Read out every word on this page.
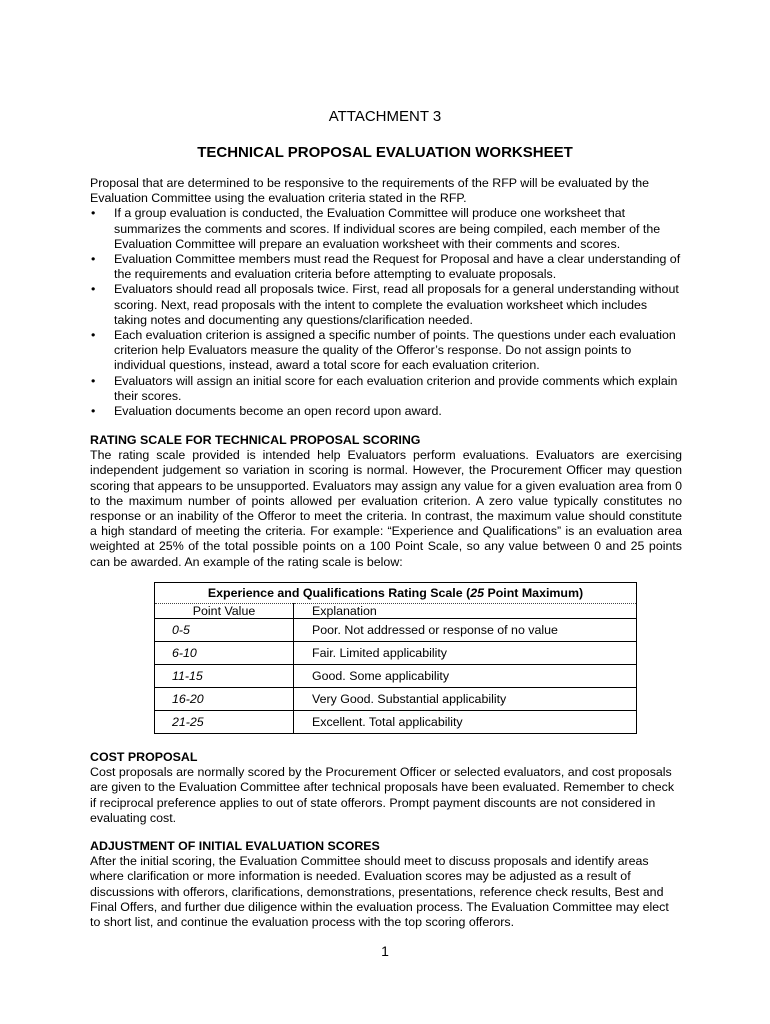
ATTACHMENT 3
TECHNICAL PROPOSAL EVALUATION WORKSHEET
Proposal that are determined to be responsive to the requirements of the RFP will be evaluated by the Evaluation Committee using the evaluation criteria stated in the RFP.
• If a group evaluation is conducted, the Evaluation Committee will produce one worksheet that summarizes the comments and scores. If individual scores are being compiled, each member of the Evaluation Committee will prepare an evaluation worksheet with their comments and scores.
• Evaluation Committee members must read the Request for Proposal and have a clear understanding of the requirements and evaluation criteria before attempting to evaluate proposals.
• Evaluators should read all proposals twice. First, read all proposals for a general understanding without scoring. Next, read proposals with the intent to complete the evaluation worksheet which includes taking notes and documenting any questions/clarification needed.
• Each evaluation criterion is assigned a specific number of points. The questions under each evaluation criterion help Evaluators measure the quality of the Offeror’s response. Do not assign points to individual questions, instead, award a total score for each evaluation criterion.
• Evaluators will assign an initial score for each evaluation criterion and provide comments which explain their scores.
• Evaluation documents become an open record upon award.
RATING SCALE FOR TECHNICAL PROPOSAL SCORING
The rating scale provided is intended help Evaluators perform evaluations. Evaluators are exercising independent judgement so variation in scoring is normal. However, the Procurement Officer may question scoring that appears to be unsupported. Evaluators may assign any value for a given evaluation area from 0 to the maximum number of points allowed per evaluation criterion. A zero value typically constitutes no response or an inability of the Offeror to meet the criteria. In contrast, the maximum value should constitute a high standard of meeting the criteria. For example: “Experience and Qualifications” is an evaluation area weighted at 25% of the total possible points on a 100 Point Scale, so any value between 0 and 25 points can be awarded. An example of the rating scale is below:
Experience and Qualifications Rating Scale (25 Point Maximum)	
Point Value	Explanation
0-5	Poor. Not addressed or response of no value
6-10	Fair. Limited applicability
11-15	Good. Some applicability
16-20	Very Good. Substantial applicability
21-25	Excellent. Total applicability
COST PROPOSAL
Cost proposals are normally scored by the Procurement Officer or selected evaluators, and cost proposals are given to the Evaluation Committee after technical proposals have been evaluated. Remember to check if reciprocal preference applies to out of state offerors. Prompt payment discounts are not considered in evaluating cost.
ADJUSTMENT OF INITIAL EVALUATION SCORES
After the initial scoring, the Evaluation Committee should meet to discuss proposals and identify areas where clarification or more information is needed. Evaluation scores may be adjusted as a result of discussions with offerors, clarifications, demonstrations, presentations, reference check results, Best and Final Offers, and further due diligence within the evaluation process. The Evaluation Committee may elect to short list, and continue the evaluation process with the top scoring offerors.
1
